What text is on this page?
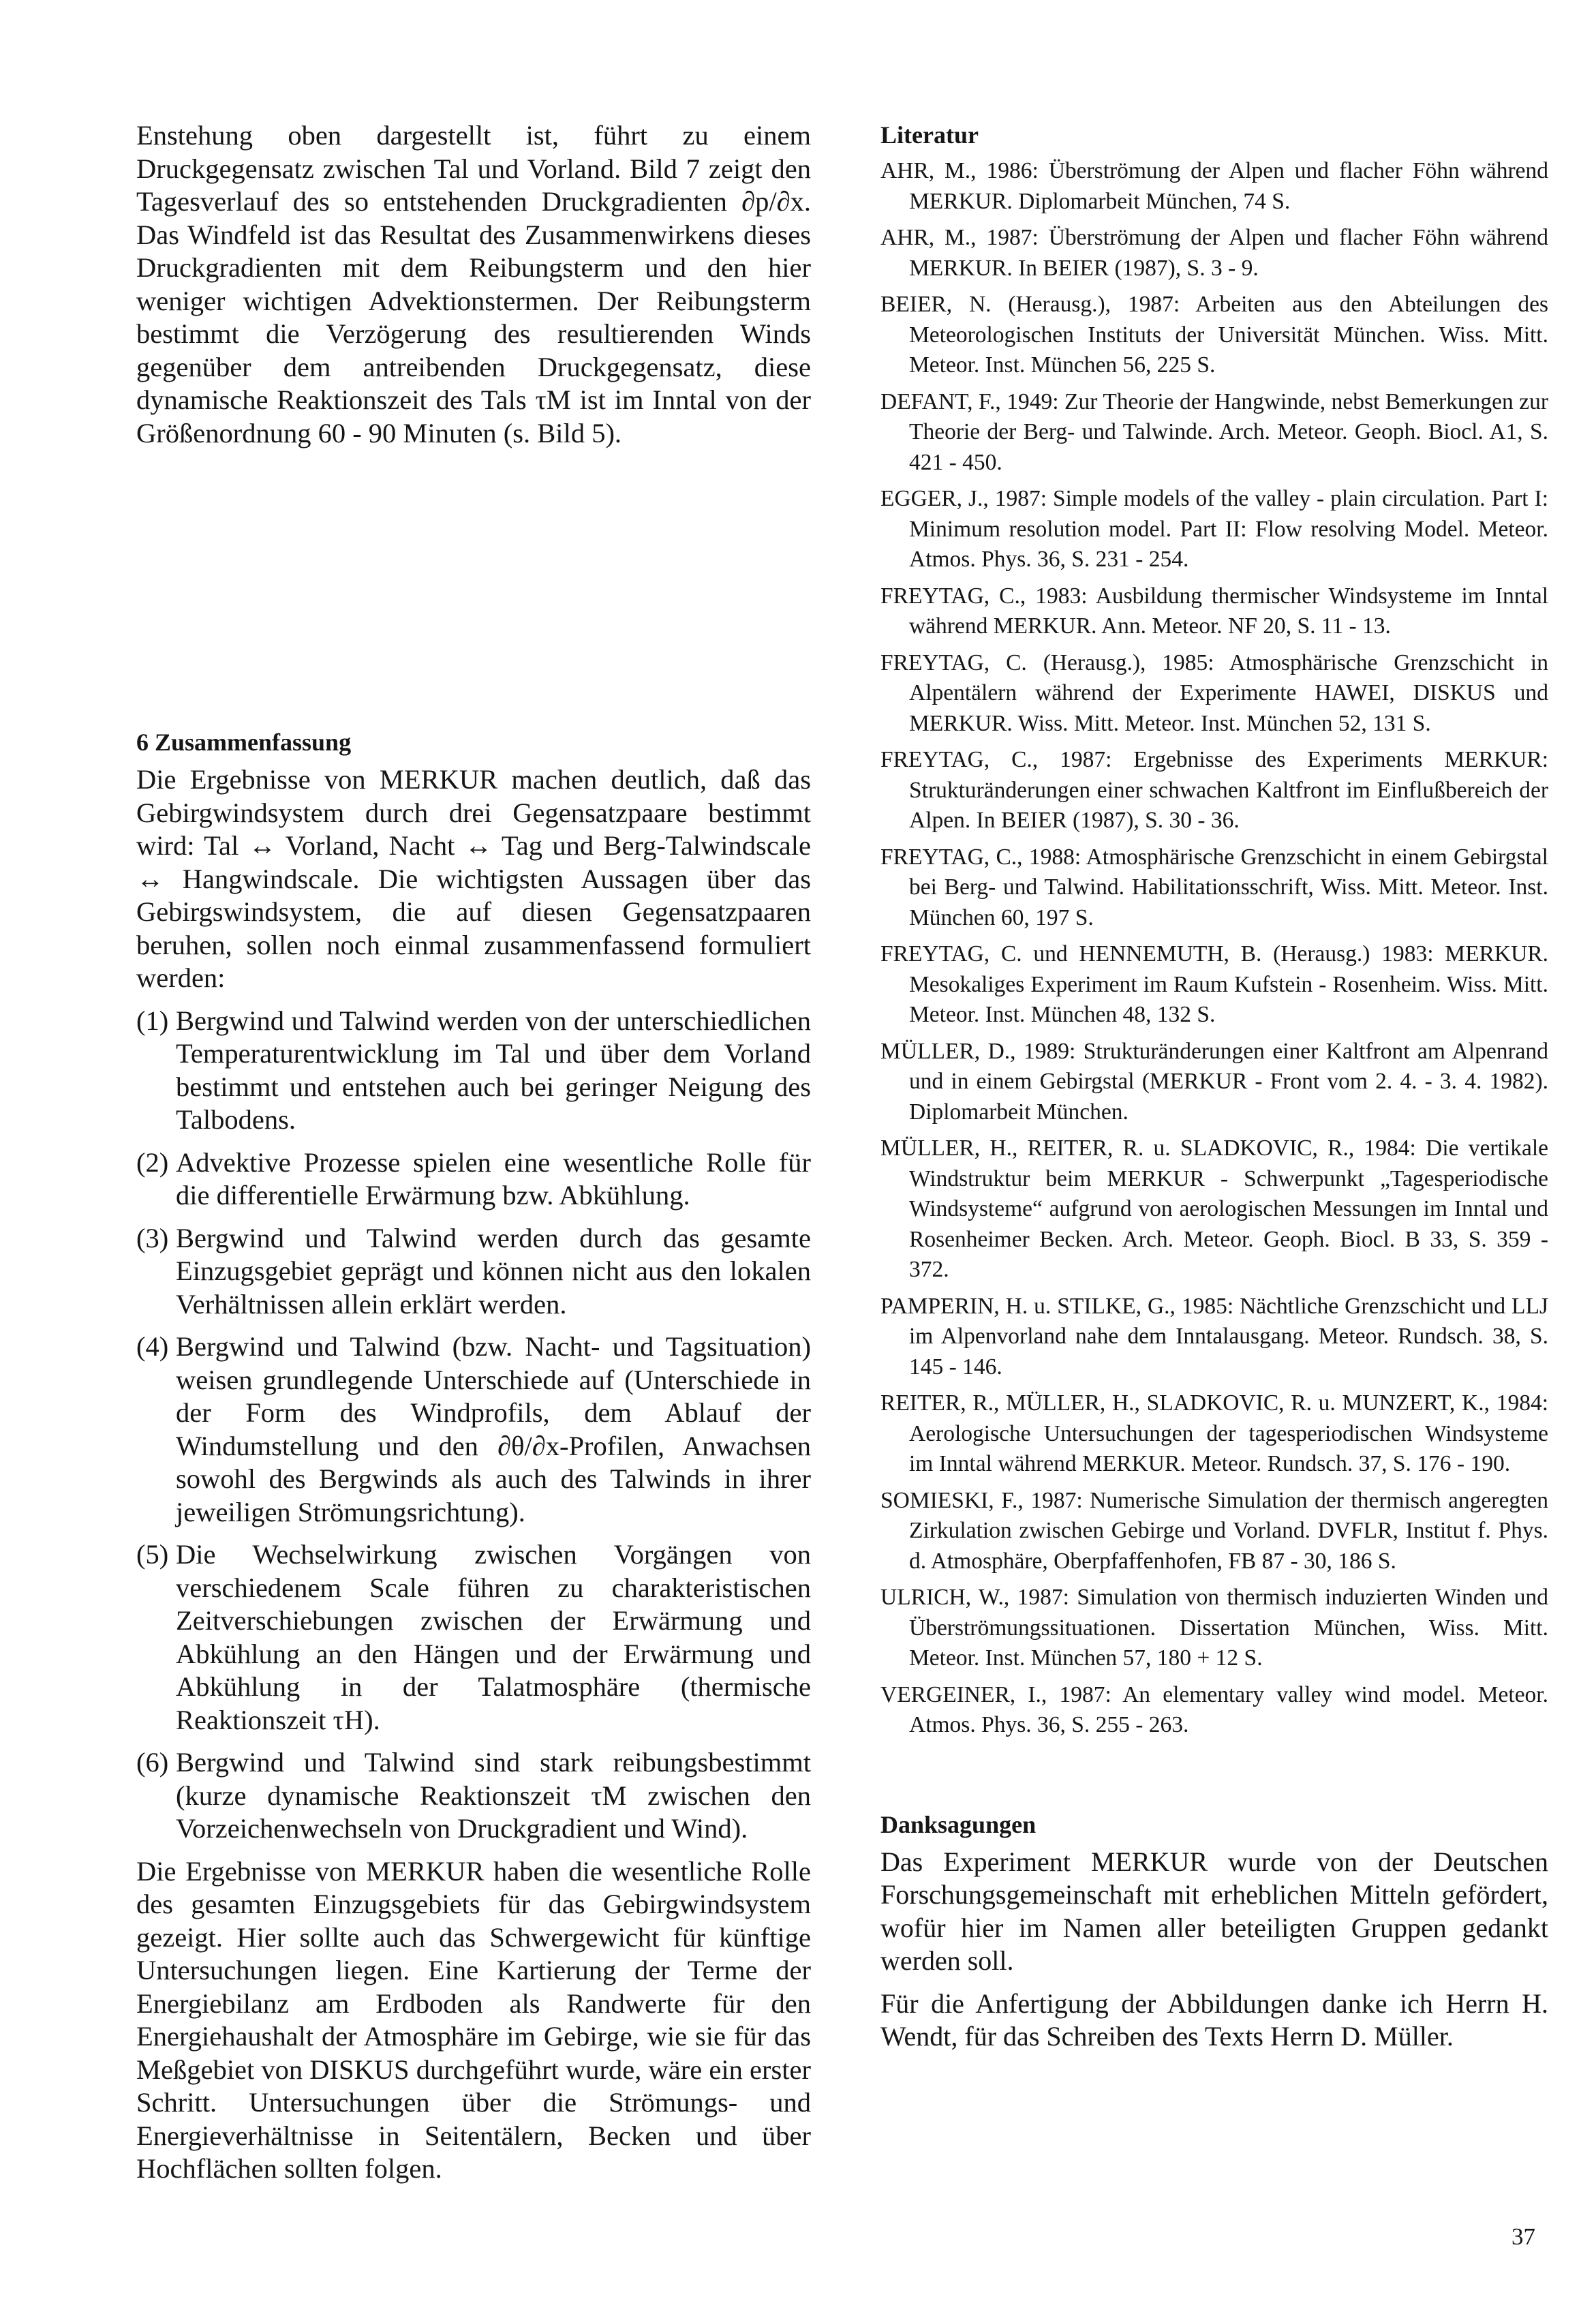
Enstehung oben dargestellt ist, führt zu einem Druckgegensatz zwischen Tal und Vorland. Bild 7 zeigt den Tagesverlauf des so entstehenden Druckgradienten ∂p/∂x. Das Windfeld ist das Resultat des Zusammenwirkens dieses Druckgradienten mit dem Reibungsterm und den hier weniger wichtigen Advektionstermen. Der Reibungsterm bestimmt die Verzögerung des resultierenden Winds gegenüber dem antreibenden Druckgegensatz, diese dynamische Reaktionszeit des Tals τM ist im Inntal von der Größenordnung 60 - 90 Minuten (s. Bild 5).

6 Zusammenfassung

Die Ergebnisse von MERKUR machen deutlich, daß das Gebirgwindsystem durch drei Gegensatzpaare bestimmt wird: Tal ↔ Vorland, Nacht ↔ Tag und Berg-Talwindscale ↔ Hangwindscale. Die wichtigsten Aussagen über das Gebirgswindsystem, die auf diesen Gegensatzpaaren beruhen, sollen noch einmal zusammenfassend formuliert werden:

(1) Bergwind und Talwind werden von der unterschiedlichen Temperaturentwicklung im Tal und über dem Vorland bestimmt und entstehen auch bei geringer Neigung des Talbodens.
(2) Advektive Prozesse spielen eine wesentliche Rolle für die differentielle Erwärmung bzw. Abkühlung.
(3) Bergwind und Talwind werden durch das gesamte Einzugsgebiet geprägt und können nicht aus den lokalen Verhältnissen allein erklärt werden.
(4) Bergwind und Talwind (bzw. Nacht- und Tagsituation) weisen grundlegende Unterschiede auf (Unterschiede in der Form des Windprofils, dem Ablauf der Windumstellung und den ∂θ/∂x-Profilen, Anwachsen sowohl des Bergwinds als auch des Talwinds in ihrer jeweiligen Strömungsrichtung).
(5) Die Wechselwirkung zwischen Vorgängen von verschiedenem Scale führen zu charakteristischen Zeitverschiebungen zwischen der Erwärmung und Abkühlung an den Hängen und der Erwärmung und Abkühlung in der Talatmosphäre (thermische Reaktionszeit τH).
(6) Bergwind und Talwind sind stark reibungsbestimmt (kurze dynamische Reaktionszeit τM zwischen den Vorzeichenwechseln von Druckgradient und Wind).

Die Ergebnisse von MERKUR haben die wesentliche Rolle des gesamten Einzugsgebiets für das Gebirgwindsystem gezeigt. Hier sollte auch das Schwergewicht für künftige Untersuchungen liegen. Eine Kartierung der Terme der Energiebilanz am Erdboden als Randwerte für den Energiehaushalt der Atmosphäre im Gebirge, wie sie für das Meßgebiet von DISKUS durchgeführt wurde, wäre ein erster Schritt. Untersuchungen über die Strömungs- und Energieverhältnisse in Seitentälern, Becken und über Hochflächen sollten folgen.

Literatur

AHR, M., 1986: Überströmung der Alpen und flacher Föhn während MERKUR. Diplomarbeit München, 74 S.

AHR, M., 1987: Überströmung der Alpen und flacher Föhn während MERKUR. In BEIER (1987), S. 3 - 9.

BEIER, N. (Herausg.), 1987: Arbeiten aus den Abteilungen des Meteorologischen Instituts der Universität München. Wiss. Mitt. Meteor. Inst. München 56, 225 S.

DEFANT, F., 1949: Zur Theorie der Hangwinde, nebst Bemerkungen zur Theorie der Berg- und Talwinde. Arch. Meteor. Geoph. Biocl. A1, S. 421 - 450.

EGGER, J., 1987: Simple models of the valley - plain circulation. Part I: Minimum resolution model. Part II: Flow resolving Model. Meteor. Atmos. Phys. 36, S. 231 - 254.

FREYTAG, C., 1983: Ausbildung thermischer Windsysteme im Inntal während MERKUR. Ann. Meteor. NF 20, S. 11 - 13.

FREYTAG, C. (Herausg.), 1985: Atmosphärische Grenzschicht in Alpentälern während der Experimente HAWEI, DISKUS und MERKUR. Wiss. Mitt. Meteor. Inst. München 52, 131 S.

FREYTAG, C., 1987: Ergebnisse des Experiments MERKUR: Strukturänderungen einer schwachen Kaltfront im Einflußbereich der Alpen. In BEIER (1987), S. 30 - 36.

FREYTAG, C., 1988: Atmosphärische Grenzschicht in einem Gebirgstal bei Berg- und Talwind. Habilitationsschrift, Wiss. Mitt. Meteor. Inst. München 60, 197 S.

FREYTAG, C. und HENNEMUTH, B. (Herausg.) 1983: MERKUR. Mesokaliges Experiment im Raum Kufstein - Rosenheim. Wiss. Mitt. Meteor. Inst. München 48, 132 S.

MÜLLER, D., 1989: Strukturänderungen einer Kaltfront am Alpenrand und in einem Gebirgstal (MERKUR - Front vom 2. 4. - 3. 4. 1982). Diplomarbeit München.

MÜLLER, H., REITER, R. u. SLADKOVIC, R., 1984: Die vertikale Windstruktur beim MERKUR - Schwerpunkt „Tagesperiodische Windsysteme“ aufgrund von aerologischen Messungen im Inntal und Rosenheimer Becken. Arch. Meteor. Geoph. Biocl. B 33, S. 359 - 372.

PAMPERIN, H. u. STILKE, G., 1985: Nächtliche Grenzschicht und LLJ im Alpenvorland nahe dem Inntalausgang. Meteor. Rundsch. 38, S. 145 - 146.

REITER, R., MÜLLER, H., SLADKOVIC, R. u. MUNZERT, K., 1984: Aerologische Untersuchungen der tagesperiodischen Windsysteme im Inntal während MERKUR. Meteor. Rundsch. 37, S. 176 - 190.

SOMIESKI, F., 1987: Numerische Simulation der thermisch angeregten Zirkulation zwischen Gebirge und Vorland. DVFLR, Institut f. Phys. d. Atmosphäre, Oberpfaffenhofen, FB 87 - 30, 186 S.

ULRICH, W., 1987: Simulation von thermisch induzierten Winden und Überströmungssituationen. Dissertation München, Wiss. Mitt. Meteor. Inst. München 57, 180 + 12 S.

VERGEINER, I., 1987: An elementary valley wind model. Meteor. Atmos. Phys. 36, S. 255 - 263.

Danksagungen

Das Experiment MERKUR wurde von der Deutschen Forschungsgemeinschaft mit erheblichen Mitteln gefördert, wofür hier im Namen aller beteiligten Gruppen gedankt werden soll.

Für die Anfertigung der Abbildungen danke ich Herrn H. Wendt, für das Schreiben des Texts Herrn D. Müller.

37
